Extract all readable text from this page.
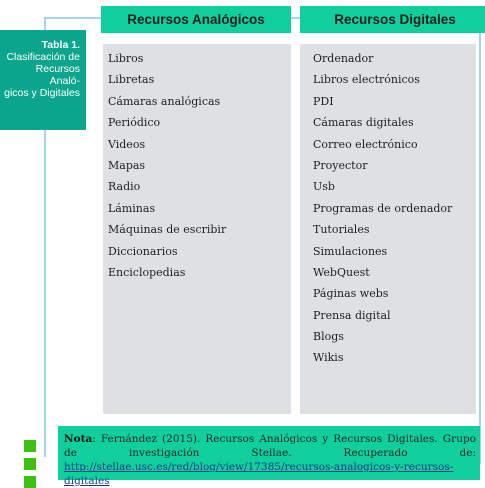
Tabla 1.
Clasificación de
Recursos Analó-
gicos y Digitales
Recursos Analógicos	Recursos Digitales
Libros
Libretas
Cámaras analógicas
Periódico
Videos
Mapas
Radio
Láminas
Máquinas de escribir
Diccionarios
Enciclopedias
Ordenador
Libros electrónicos
PDI
Cámaras digitales
Correo electrónico
Proyector
Usb
Programas de ordenador
Tutoriales
Simulaciones
WebQuest
Páginas webs
Prensa digital
Blogs
Wikis
Nota: Fernández (2015). Recursos Analógicos y Recursos Digitales. Grupo de investigación Stellae. Recuperado de: http://stellae.usc.es/red/blog/view/17385/recursos-analogicos-y-recursos-digitales
